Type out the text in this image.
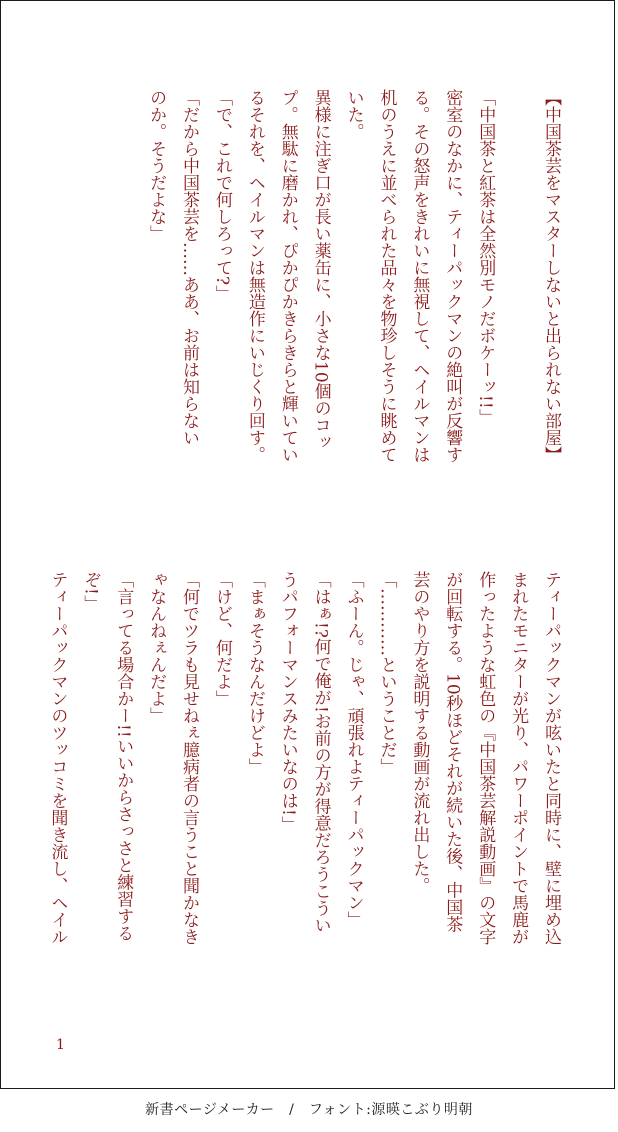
【中国茶芸をマスターしないと出られない部屋】

「中国茶と紅茶は全然別モノだボケーッ!!」
密室のなかに、ティーパックマンの絶叫が反響す
る。その怒声をきれいに無視して、ヘイルマンは
机のうえに並べられた品々を物珍しそうに眺めて
いた。
異様に注ぎ口が長い薬缶に、小さな10個のコッ
プ。無駄に磨かれ、ぴかぴかきらきらと輝いてい
るそれを、ヘイルマンは無造作にいじくり回す。
「で、これで何しろって?」
「だから中国茶芸を……ああ、お前は知らない
のか。そうだよな」
ティーパックマンが呟いたと同時に、壁に埋め込
まれたモニターが光り、パワーポイントで馬鹿が
作ったような虹色の『中国茶芸解説動画』の文字
が回転する。10秒ほどそれが続いた後、中国茶
芸のやり方を説明する動画が流れ出した。
「…………ということだ」
「ふーん。じゃ、頑張れよティーパックマン」
「はぁ!?何で俺が!お前の方が得意だろうこうい
うパフォーマンスみたいなのは!」
「まぁそうなんだけどよ」
「けど、何だよ」
「何でツラも見せねぇ臆病者の言うこと聞かなき
ゃなんねぇんだよ」
「言ってる場合かー!!いいからさっさと練習する
ぞ!」
ティーパックマンのツッコミを聞き流し、ヘイル
1
新書ページメーカー　/　フォント:源暎こぶり明朝
